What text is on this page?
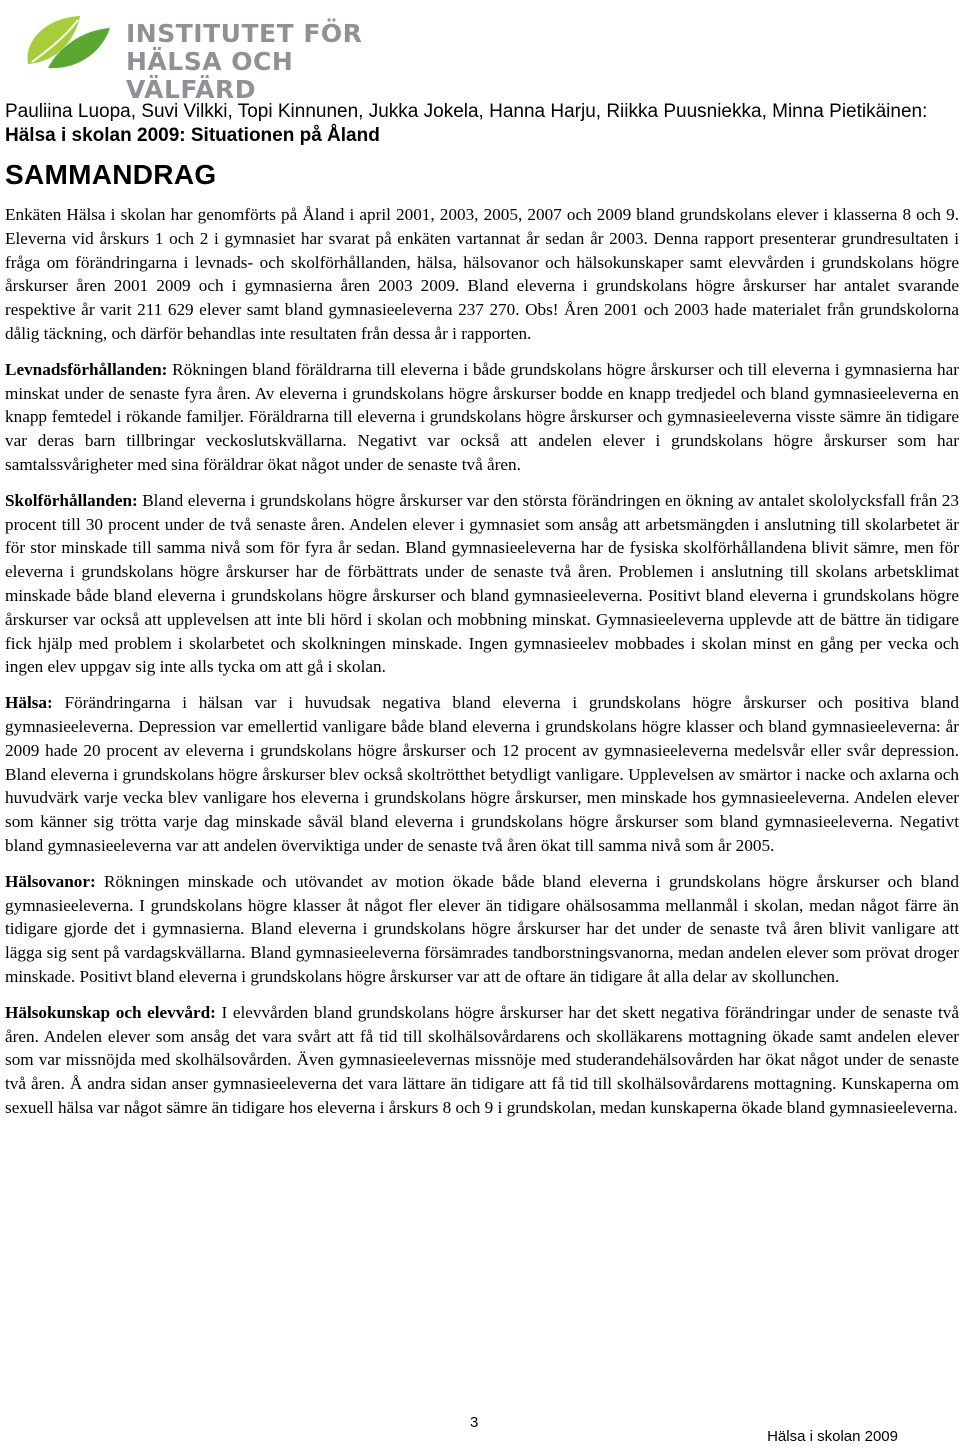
INSTITUTET FÖR
HÄLSA OCH VÄLFÄRD
Pauliina Luopa, Suvi Vilkki, Topi Kinnunen, Jukka Jokela, Hanna Harju, Riikka Puusniekka, Minna Pietikäinen: Hälsa i skolan 2009: Situationen på Åland
SAMMANDRAG

Enkäten Hälsa i skolan har genomförts på Åland i april 2001, 2003, 2005, 2007 och 2009 bland grundskolans elever i klasserna 8 och 9. Eleverna vid årskurs 1 och 2 i gymnasiet har svarat på enkäten vartannat år sedan år 2003. Denna rapport presenterar grundresultaten i fråga om förändringarna i levnads- och skolförhållanden, hälsa, hälsovanor och hälsokunskaper samt elevvården i grundskolans högre årskurser åren 2001 2009 och i gymnasierna åren 2003 2009. Bland eleverna i grundskolans högre årskurser har antalet svarande respektive år varit 211 629 elever samt bland gymnasieeleverna 237 270. Obs! Åren 2001 och 2003 hade materialet från grundskolorna dålig täckning, och därför behandlas inte resultaten från dessa år i rapporten.

Levnadsförhållanden: Rökningen bland föräldrarna till eleverna i både grundskolans högre årskurser och till eleverna i gymnasierna har minskat under de senaste fyra åren. Av eleverna i grundskolans högre årskurser bodde en knapp tredjedel och bland gymnasieeleverna en knapp femtedel i rökande familjer. Föräldrarna till eleverna i grundskolans högre årskurser och gymnasieeleverna visste sämre än tidigare var deras barn tillbringar veckoslutskvällarna. Negativt var också att andelen elever i grundskolans högre årskurser som har samtalssvårigheter med sina föräldrar ökat något under de senaste två åren.

Skolförhållanden: Bland eleverna i grundskolans högre årskurser var den största förändringen en ökning av antalet skololycksfall från 23 procent till 30 procent under de två senaste åren. Andelen elever i gymnasiet som ansåg att arbetsmängden i anslutning till skolarbetet är för stor minskade till samma nivå som för fyra år sedan. Bland gymnasieeleverna har de fysiska skolförhållandena blivit sämre, men för eleverna i grundskolans högre årskurser har de förbättrats under de senaste två åren. Problemen i anslutning till skolans arbetsklimat minskade både bland eleverna i grundskolans högre årskurser och bland gymnasieeleverna. Positivt bland eleverna i grundskolans högre årskurser var också att upplevelsen att inte bli hörd i skolan och mobbning minskat. Gymnasieeleverna upplevde att de bättre än tidigare fick hjälp med problem i skolarbetet och skolkningen minskade. Ingen gymnasieelev mobbades i skolan minst en gång per vecka och ingen elev uppgav sig inte alls tycka om att gå i skolan.

Hälsa: Förändringarna i hälsan var i huvudsak negativa bland eleverna i grundskolans högre årskurser och positiva bland gymnasieeleverna. Depression var emellertid vanligare både bland eleverna i grundskolans högre klasser och bland gymnasieeleverna: år 2009 hade 20 procent av eleverna i grundskolans högre årskurser och 12 procent av gymnasieeleverna medelsvår eller svår depression. Bland eleverna i grundskolans högre årskurser blev också skoltrötthet betydligt vanligare. Upplevelsen av smärtor i nacke och axlarna och huvudvärk varje vecka blev vanligare hos eleverna i grundskolans högre årskurser, men minskade hos gymnasieeleverna. Andelen elever som känner sig trötta varje dag minskade såväl bland eleverna i grundskolans högre årskurser som bland gymnasieeleverna. Negativt bland gymnasieeleverna var att andelen överviktiga under de senaste två åren ökat till samma nivå som år 2005.

Hälsovanor: Rökningen minskade och utövandet av motion ökade både bland eleverna i grundskolans högre årskurser och bland gymnasieeleverna. I grundskolans högre klasser åt något fler elever än tidigare ohälsosamma mellanmål i skolan, medan något färre än tidigare gjorde det i gymnasierna. Bland eleverna i grundskolans högre årskurser har det under de senaste två åren blivit vanligare att lägga sig sent på vardagskvällarna. Bland gymnasieeleverna försämrades tandborstningsvanorna, medan andelen elever som prövat droger minskade. Positivt bland eleverna i grundskolans högre årskurser var att de oftare än tidigare åt alla delar av skollunchen.

Hälsokunskap och elevvård: I elevvården bland grundskolans högre årskurser har det skett negativa förändringar under de senaste två åren. Andelen elever som ansåg det vara svårt att få tid till skolhälsovårdarens och skolläkarens mottagning ökade samt andelen elever som var missnöjda med skolhälsovården. Även gymnasieelevernas missnöje med studerandehälsovården har ökat något under de senaste två åren. Å andra sidan anser gymnasieeleverna det vara lättare än tidigare att få tid till skolhälsovårdarens mottagning. Kunskaperna om sexuell hälsa var något sämre än tidigare hos eleverna i årskurs 8 och 9 i grundskolan, medan kunskaperna ökade bland gymnasieeleverna.

3
Hälsa i skolan 2009
